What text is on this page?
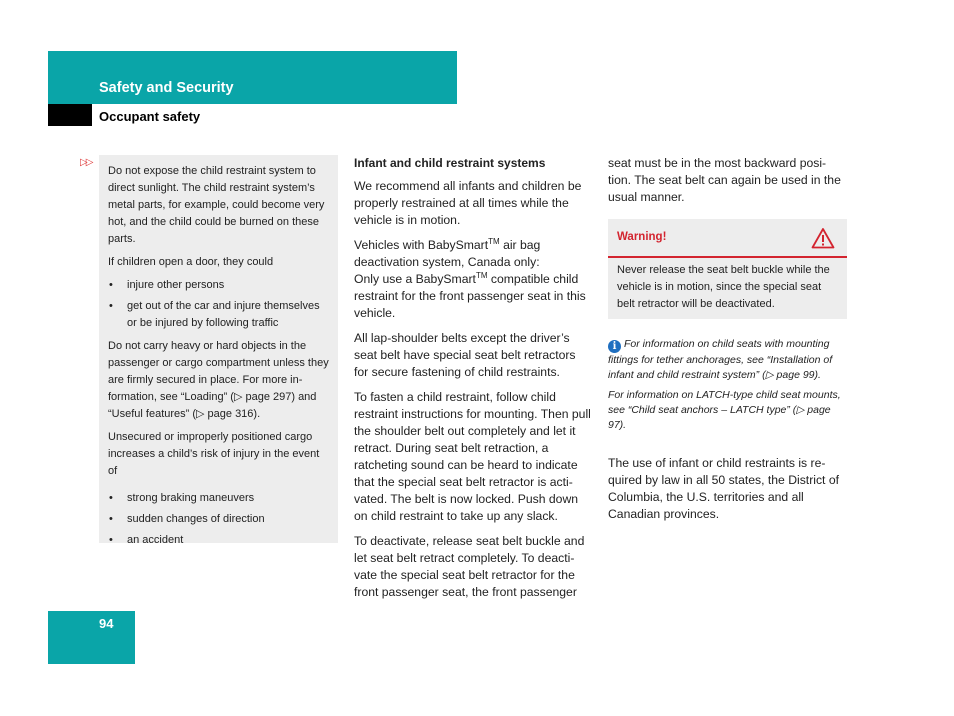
Safety and Security
Occupant safety
▷▷

Do not expose the child restraint system to direct sunlight. The child restraint system’s metal parts, for example, could become very hot, and the child could be burned on these parts.

If children open a door, they could

• injure other persons
• get out of the car and injure themselves or be injured by following traffic

Do not carry heavy or hard objects in the passenger or cargo compartment unless they are firmly secured in place. For more in-formation, see “Loading” (▷ page 297) and “Useful features” (▷ page 316).

Unsecured or improperly positioned cargo increases a child’s risk of injury in the event of

• strong braking maneuvers
• sudden changes of direction
• an accident
Infant and child restraint systems

We recommend all infants and children be properly restrained at all times while the vehicle is in motion.

Vehicles with BabySmart™ air bag deactivation system, Canada only:
Only use a BabySmart™ compatible child restraint for the front passenger seat in this vehicle.

All lap-shoulder belts except the driver’s seat belt have special seat belt retractors for secure fastening of child restraints.

To fasten a child restraint, follow child restraint instructions for mounting. Then pull the shoulder belt out completely and let it retract. During seat belt retraction, a ratcheting sound can be heard to indicate that the special seat belt retractor is acti-vated. The belt is now locked. Push down on child restraint to take up any slack.

To deactivate, release seat belt buckle and let seat belt retract completely. To deacti-vate the special seat belt retractor for the front passenger seat, the front passenger

seat must be in the most backward posi-tion. The seat belt can again be used in the usual manner.

Warning!
Never release the seat belt buckle while the vehicle is in motion, since the special seat belt retractor will be deactivated.

i For information on child seats with mounting fittings for tether anchorages, see “Installation of infant and child restraint system” (▷ page 99).

For information on LATCH-type child seat mounts, see “Child seat anchors – LATCH type” (▷ page 97).

The use of infant or child restraints is re-quired by law in all 50 states, the District of Columbia, the U.S. territories and all Canadian provinces.
94
